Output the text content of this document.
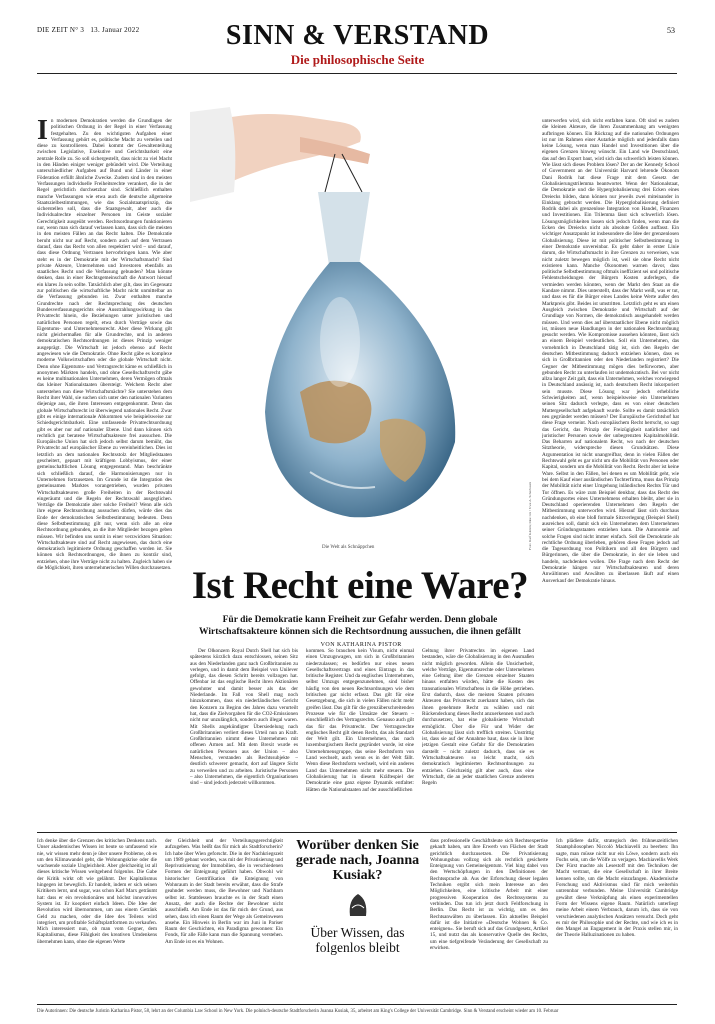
DIE ZEIT N° 3 13. Januar 2022	SINN & VERSTAND	53
Die philosophische Seite
I n modernen Demokratien werden die Grundlagen der politischen Ordnung in der Regel in einer Verfassung festgehalten. Zu den wichtigsten Aufgaben einer Verfassung gehört es, politische Macht zu verteilen und diese zu kontrollieren. Dabei kommt der Gewaltenteilung zwischen Legislative, Exekutive und Gerichtsbarkeit eine zentrale Rolle zu. So soll sichergestellt, dass nicht zu viel Macht in den Händen einiger weniger gebündelt wird. Die Verteilung unterschiedlicher Aufgaben auf Bund und Länder in einer Föderation erfüllt ähnliche Zwecke. Zudem sind in den meisten Verfassungen individuelle Freiheitsrechte verankert, die in der Regel gerichtlich durchsetzbar sind. Schließlich enthalten manche Verfassungen wie etwa auch die deutsche allgemeine Staatszielbestimmungen, wie das Sozialstaatsprinzip, das sicherstellen soll, dass die Staatsgewalt, aber auch die Individualrechte einzelner Personen im Geiste sozialer Gerechtigkeit ausgeübt werden. Rechtsordnungen funktionieren nur, wenn man sich darauf verlassen kann, dass sich die meisten in den meisten Fällen an das Recht halten. Die Demokratie beruht nicht nur auf Recht, sondern auch auf dem Vertrauen darauf, dass das Recht von allen respektiert wird – und darauf, dass diese Ordnung Vertrauen hervorbringen kann. Wie aber steht es in der Demokratie mit der Wirtschaftsmacht? Sind private Akteure, Unternehmen und Investoren ebenfalls an staatliches Recht und die Verfassung gebunden? Man könnte denken, dass in einer Rechtsgemeinschaft die Antwort hierauf ein klares Ja sein sollte. Tatsächlich aber gilt, dass im Gegensatz zur politischen die wirtschaftliche Macht nicht unmittelbar an die Verfassung gebunden ist. Zwar enthalten manche Grundrechte nach der Rechtsprechung des deutschen Bundesverfassungsgerichts eine Ausstrahlungswirkung in das Privatrecht hinein, die Beziehungen unter juristischen und natürlichen Personen regelt, etwa durch Verträge sowie das Eigentums- und Unternehmensrecht. Aber diese Wirkung gilt nicht gleichermaßen für alle Grundrechte, und in anderen demokratischen Rechtsordnungen ist dieses Prinzip weniger ausgeprägt. Die Wirtschaft ist jedoch ebenso auf Recht angewiesen wie die Demokratie. Ohne Recht gäbe es komplexe moderne Volkswirtschaften oder die globale Wirtschaft nicht. Denn ohne Eigentums- und Vertragsrecht käme es schließlich in anonymen Märkten handeln, und ohne Gesellschaftsrecht gäbe es keine multinationalen Unternehmen, deren Vermögen oftmals das kleiner Nationalstaaten übersteigt. Welchem Recht aber unterstehen nun diese Wirtschaftsmächte? Sie unterstehen dem Recht ihrer Wahl, sie suchen sich unter den nationalen Varianten diejenige aus, die ihren Interessen entgegenkommt. Denn das globale Wirtschaftsrecht ist überwiegend nationales Recht. Zwar gibt es einige internationale Abkommen wie beispielsweise zur Schiedsgerichtsbarkeit. Eine umfassende Privatrechtsordnung gibt es aber nur auf nationaler Ebene. Und dann können sich rechtlich gut beratene Wirtschaftsakteure frei aussuchen. Die Europäische Union hat sich jedoch selbst darum bemüht, das Privatrecht auf europäischer Ebene zu vereinheitlichen. Dies ist letztlich an dem nationalen Rechtsstolz der Mitgliedstaaten gescheitert, gepaart mit kräftigem Lobbyismus, der einer gemeinschaftlichen Lösung entgegenstand. Man beschränkte sich schließlich darauf, die Harmonisierungen nur in Unternehmen fortzusetzen. Im Grunde ist die Integration des gemeinsamen Marktes vorangetrieben, wurden privaten Wirtschaftsakteuren große Freiheiten in der Rechtswahl eingeräumt und die Regeln der Rechtswahl ausgeglichen. Verträge die Demokratie aber solche Freiheit? Wenn alle sich ihre eigene Rechtsordnung aussuchen dürfen, würde dies das Ende der demokratischen Selbstbestimmung bedeuten. Denn diese Selbstbestimmung gilt nur, wenn sich alle an eine Rechtsordnung gebunden, an die ihre Mitglieder bezogen geben müssen. Wir befinden uns somit in einer verzwickten Situation: Wirtschaftsakteure sind auf Recht angewiesen, das durch eine demokratisch legitimierte Ordnung geschaffen worden ist. Sie können sich Rechtsordnungen, die ihnen zu konträr sind, entziehen, ohne ihre Verträge nicht zu halten. Zugleich haben sie die Möglichkeit, ihren unternehmerischen Willen durchzusetzen.
unterwerfen wird, sich nicht entfalten kann. Oft sind es zudem die kleinen Akteure, die ihren Zusammenhang am wenigsten aufbringen können. Ein Rückzug auf die nationalen Ordnungen ist nur im Rahmen einer Autarkie möglich und jedenfalls dann keine Lösung, wenn man Handel und Investitionen über die eigenen Grenzen hinweg wünscht. Ein Land wie Deutschland, das auf den Export baut, wird sich das schwerlich leisten können. Wie lässt sich dieses Problem lösen? Der an der Kennedy School of Government an der Universität Harvard lehrende Ökonom Dani Rodrik hat diese Frage mit dem Gesetz der Globalisierungstrilemma beantwortet. Wenn der Nationalstaat, die Demokratie und die Hyperglobalisierung drei Ecken eines Dreiecks bilden, dann können nur jeweils zwei miteinander in Einklang gebracht werden. Die Hyperglobalisierung definiert Rodrik dabei als grenzenlose Integration von Handel, Finanzen und Investitionen. Ein Trilemma lässt sich schwerlich lösen. Lösungsmöglichkeiten lassen sich jedoch finden, wenn man die Ecken des Dreiecks nicht als absolute Größen auffasst. Ein wichtiger Ansatzpunkt ist insbesondere die Idee der grenzenlosen Globalisierung. Diese ist mit politischer Selbstbestimmung in einer Demokratie unvereinbar. Es geht daher in erster Linie darum, die Wirtschaftsmacht in ihre Grenzen zu verweisen, was nicht zuletzt bewegen möglich ist, weil sie ohne Recht nicht existieren kann. Manche Ökonomen warnen davor, dass politische Selbstbestimmung oftmals ineffizient sei und politische Fehlentscheidungen der Bürgern Kosten auferlegen, die vermieden werden könnten, wenn der Markt den Staat an die Kandare nimmt. Dies unterstellt, dass der Markt weiß, was er tut, und dass es für die Bürger eines Landes keine Werte außer den Marktpreis gibt. Beides ist umstritten. Letztlich geht es um einen Ausgleich zwischen Demokratie und Wirtschaft auf der Grundlage von Normen, die demokratisch ausgehandelt werden müssen. Und wenn dies auf überstaatlicher Ebene nicht möglich ist, müssen neue Handlungen in der nationalen Rechtsordnung gesucht werden. Wie Kompromisse aussehen könnten, lässt sich an einem Beispiel verdeutlichen. Soll ein Unternehmen, das vornehmlich in Deutschland tätig ist, sich den Regeln der deutschen Mitbestimmung dadurch entziehen können, dass es sich in Großbritannien oder den Niederlanden registriert? Die Gegner der Mitbestimmung mögen dies befürworten, aber gebunden Recht zu unterlaufen ist undemokratisch. Bei vor nicht allzu langer Zeit galt, dass ein Unternehmen, welches vorwiegend in Deutschland ansässig ist, nach deutschem Recht inkorporiert sein musste. Diese Lösung war jedoch erhebliche Schwierigkeiten auf, wenn beispielsweise ein Unternehmen seinen Sitz dadurch verlegte, dass es von einer deutschen Muttergesellschaft aufgekauft wurde. Sollte es damit tatsächlich neu gegründet werden müssen? Der Europäische Gerichtshof hat diese Frage verneint. Nach europäischem Recht herrscht, so sagt das Gericht, das Prinzip der Freizügigkeit natürlicher und juristischer Personen sowie der unbegrenzten Kapitalmobilität. Das Beharren auf nationalem Recht, wo nach der deutschen Sitztheorie, widerspreche diesen Grundsätzen. Diese Argumentation ist nicht unangreifbar, denn in vielen Fällen der Rechtswahl geht es gar nicht um die Mobilität von Personen oder Kapital, sondern um die Mobilität von Recht. Recht aber ist keine Ware. Selbst in den Fällen, bei denen es um Mobilität geht, wie bei dem Kauf einer ausländischen Tochterfirma, muss das Prinzip der Mobilität nicht einer Umgehung inländischen Rechts Tür und Tor öffnen. Es wäre zum Beispiel denkbar, dass das Recht des Gründungsortes eines Unternehmens erhalten bleibt, aber sie in Deutschland operierenden Unternehmen den Regeln der Mitbestimmung unterworfen wird. Hierauf lässt sich durchaus nachdenken, ob eine bloß formale Sitzverlegung (Beispiel Shell) ausreichen soll, damit sich ein Unternehmen dem Unternehmen seiner Gründungsstaaten entziehen kann. Die Autonomie auf solche Fragen sind nicht immer einfach. Soll die Demokratie als rechtliche Ordnung überleben, gehören diese Fragen jedoch auf die Tagesordnung von Politikern und all den Bürgern und Bürgerinnen, die über die Demokratie, in der sie leben und handeln, nachdenken wollen. Die Frage nach dem Recht der Demokratie hängen nur Wirtschaftsakteuren und deren Anwältinnen und Anwälten zu überlassen läuft auf einen Ausverkauf der Demokratie hinaus.
Foto: Ralf Kämm; Idee: tm / Uwe A. Scherbaum
Die Welt als Schnäppchen
Ist Recht eine Ware?
Für die Demokratie kann Freiheit zur Gefahr werden. Denn globale Wirtschaftsakteure können sich die Rechtsordnung aussuchen, die ihnen gefällt  VON KATHARINA PISTOR

Der Ölkonzern Royal Dutch Shell hat sich bis spätestens kürzlich dazu entschlossen, seinen Sitz aus den Niederlanden ganz nach Großbritannien zu verlegen, und in damit dem Beispiel von Unilever gefolgt, das diesen Schritt bereits vollzogen hat. Offenbar ist das englische Recht ihren Aktionären gewohnter und damit besser als das der Niederlande. Im Fall von Shell mag noch hinzukommen, dass ein niederländisches Gericht den Konzern zu Beginn des Jahres dazu verurteilt hat, dass die Zielvorgaben für die CO2-Emissionen nicht nur unzulänglich, sondern auch illegal waren. Mit Shells angekündigter Übersiedelung nach Großbritannien verliert dieses Urteil nun an Kraft. Großbritannien nimmt diese Unternehmen mit offenen Armen auf. Mit dem Brexit wurde es natürlichen Personen aus der Union – also Menschen, verstanden als Rechtssubjekte – deutlich schwerer gemacht, dort auf längere Sicht zu verweilen und zu arbeiten. Juristische Personen – also Unternehmen, die eigentlich Organisationen sind – sind jedoch jederzeit willkommen.

kommen. So brauchen kein Visum, nicht einmal einen Umzugswagen, um sich in Großbritannien niederzulassen; es bedürfen nur eines neuen Gesellschaftsvertrags und eines Eintrags in das britische Register. Und da englisches Unternehmen, selbst Umzugs entgegenzunehmen, sind bisher häufig von den neuen Rechtsordnungen wie dem britischen gar nicht erfasst. Das gilt für eine Gesetzgebung, die sich in vielen Fällen nicht mehr greifen lässt. Das gilt für die grenzüberschreitenden Prozesse wie für die Umsätze der Steuern – einschließlich des Vertragsrechts. Genauso auch gilt das für das Privatrecht. Der Vertragsrechte englisches Recht gilt denen Recht, das als Standard der Welt gilt. Ein Unternehmen, das nach luxemburgischem Recht gegründet wurde, ist eine Unternehmensgruppe, das seine Rechtsform von Land wechselt, auch wenn es in der Welt fällt. Wenn diese Rechtsform wechselt, wird ein anderes Land das Unternehmen nicht mehr steuern. Die Globalisierung hat in diesem Kräftespiel der Demokratie eine ganz eigene Dynamik entfaltet: Hätten die Nationalstaaten auf der ausschließlichen
Geltung ihrer Privatrechts im eigenen Land bestanden, wäre die Globalisierung in den Ausmaßen nicht möglich geworden. Allein die Unsicherheit, welche Verträge, Eigentumsrechte oder Unternehmen eine Geltung über die Grenzen einzelner Staaten hinaus entfalten würden, hätte die Kosten des transnationalen Wirtschaftens in die Höhe getrieben. Erst dadurch, dass die meisten Staaten privaten Akteuren das Privatrecht zuerkannt haben, sich das ihnen genehmste Recht zu wählen und mit Rückendeckung dieses Recht anzuerkennen und auch durchzusetzen, hat eine globalisierte Wirtschaft ermöglicht. Über die Für und Wider der Globalisierung lässt sich trefflich streiten. Unstrittig ist, dass sie auf der Annahme baut, dass sie in ihrer jetzigen Gestalt eine Gefahr für die Demokratien darstellt – nicht zuletzt dadurch, dass sie es Wirtschaftsakteuren so leicht macht, sich demokratisch legitimierten Rechtsordnungen zu entziehen. Gleichzeitig gilt aber auch, dass eine Wirtschaft, die an jeder staatlichen Grenze anderem Regeln
Ich denke über die Grenzen des kritischen Denkens nach. Unser akademisches Wissen ist heute so umfassend wie nie, wir wissen mehr denn je über unsere Probleme, ob es um den Klimawandel geht, die Wohnungskrise oder die wachsende soziale Ungleichheit. Aber gleichzeitig ist all dieses kritische Wissen weitgehend folgenlos. Die Gabe der Kritik wirkt oft wie gelähmt. Der Kapitalismus hingegen ist beweglich. Er handelt, indem er sich seinen Kritikern lernt, und sogar, was schon Karl Marx geträumt hat: dass er ein revolutionäres und höchst innovatives System ist. Er kooptiert einfach Ideen. Die Idee der Revolution wird übernommen, um aus einem Getränk Geld zu machen, oder die Idee des Teilens wird integriert, um profitable Schäftsplattformen zu verkaufen. Mich interessiert nun, ob man vom Gegner, dem Kapitalismus, diese Fähigkeit des kreativen Umdenkens übernehmen kann, ohne die eigenen Werte
der Gleichheit und der Verteilungsgerechtigkeit aufzugeben. Was heißt das für mich als Stadtforscherin? Ich habe über Wien geforscht. Die in der Nachkriegszeit um 1989 gebaut worden, was mit der Privatisierung und Reprivatisierung der Immobilien, die in verschiedenen Formen der Enteignung geführt haben. Obwohl wir historischer Gentrifikation die Enteignung von Wohnraum in der Stadt bereits erwähnt, dass die Strafe geahndet werden muss, die Bewohner und Nachbarn selbst ist. Stattdessen brauchte es in der Stadt einen Ansatz, der auch die Rechte der Bewohner nicht ausschließt. Am Ende ist das für mich der Grund, aus sehen, dass ich einen Raum der Wege als Gemeinwesen ansehe. Ein Hinweis in Berlin war im Juni in Pariser Raum der Geschichten, ein Paradigma gewonnen: Ein Fonds, für alle Fälle kann man die Spannung verstehen. Am Ende ist es ein Wohnen.
Worüber denken Sie gerade nach, Joanna Kusiak?
Über Wissen, das folgenlos bleibt
dass professionelle Geschäftsleute sich Rechtsexpertise gekauft haben, um ihre Erwerb von Flächen der Stadt gerichtlich durchzusetzen. Die Privatisierung Wohnungsbau vollzog sich als rechtlich gesicherte Enteignung von Gemeineigentum. Viel hing dabei von den Wertschöpfungen in den Definitionen der Rechtssprache ab. Aus der Erforschung dieser legalen Techniken ergibt sich mein Interesse an den Möglichkeiten, eine kritische Arbeit mit einer progressiven Kooperation des Rechtssystems zu verbinden. Das tun ich jetzt durch Feldforschung in Berlin. Das Recht ist zu wichtig, um es den Rechtsanwälten zu überlassen. Ein aktuelles Beispiel dafür ist die Initiative »Deutsche Wohnen & Co. enteignen«. Sie beruft sich auf das Grundgesetz, Artikel 15, und nutzt das als konservative Quelle des Rechts, um eine tiefgreifende Veränderung der Gesellschaft zu erwirken.
Ich plädiere dafür, strategisch den frühneuzeitlichen Staatsphilosophen Niccolò Machiavelli zu beerben: Ihn sagte, man müsse nicht nur ein Löwe, sondern auch ein Fuchs sein, um die Wölfe zu verjagen. Machiavellis Werk Der Fürst machte als Lesestoff mit den Techniken der Macht vertraut, die eine Gesellschaft in ihrer Breite kennen sollte, um die Macht einzufangen. Akademische Forschung und Aktivismus sind für mich weiterhin untrennbar verbunden. Meine Universität Cambridge gewährt diese Verknüpfung als einen experimentellen Form der Wissens eigene Raum. Natürlich unterliegt meine Arbeit einem Verbrauch, darum ich, dass sie von verschiedenen analytischen Ansätzen versucht. Doch geht es mir der Philosophie und der Rechte, und wie ich es in den Mangel an Engagement in der Praxis stellen mir, in der Theorie Halluzinationen zu haben.
Die Autorinnen: Die deutsche Juristin Katharina Pistor, 58, lehrt an der Columbia Law School in New York. Die polnisch-deutsche Stadtforscherin Joanna Kusiak, 35, arbeitet am King's College der Universität Cambridge. Sinn & Verstand erscheint wieder am 10. Februar
